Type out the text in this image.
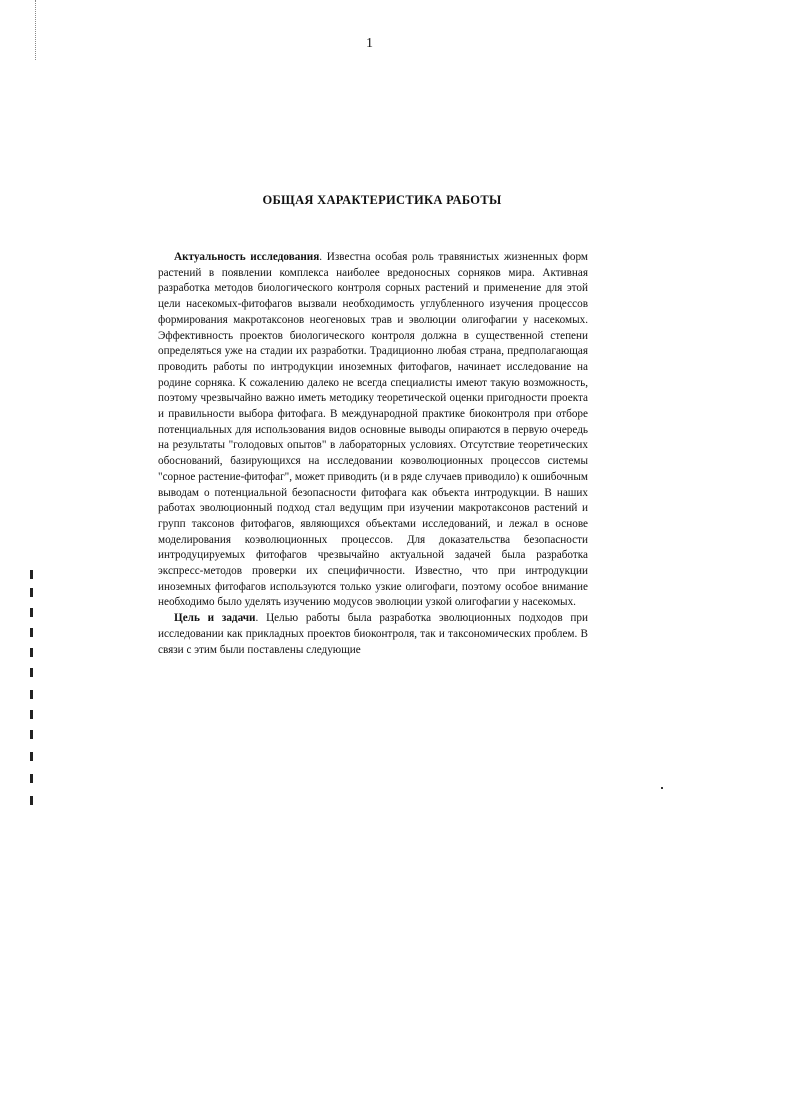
1
ОБЩАЯ ХАРАКТЕРИСТИКА РАБОТЫ

Актуальность исследования. Известна особая роль травянистых жизненных форм растений в появлении комплекса наиболее вредоносных сорняков мира. Активная разработка методов биологического контроля сорных растений и применение для этой цели насекомых-фитофагов вызвали необходимость углубленного изучения процессов формирования макротаксонов неогеновых трав и эволюции олигофагии у насекомых. Эффективность проектов биологического контроля должна в существенной степени определяться уже на стадии их разработки. Традиционно любая страна, предполагающая проводить работы по интродукции иноземных фитофагов, начинает исследование на родине сорняка. К сожалению далеко не всегда специалисты имеют такую возможность, поэтому чрезвычайно важно иметь методику теоретической оценки пригодности проекта и правильности выбора фитофага. В международной практике биоконтроля при отборе потенциальных для использования видов основные выводы опираются в первую очередь на результаты "голодовых опытов" в лабораторных условиях. Отсутствие теоретических обоснований, базирующихся на исследовании коэволюционных процессов системы "сорное растение-фитофаг", может приводить (и в ряде случаев приводило) к ошибочным выводам о потенциальной безопасности фитофага как объекта интродукции. В наших работах эволюционный подход стал ведущим при изучении макротаксонов растений и групп таксонов фитофагов, являющихся объектами исследований, и лежал в основе моделирования коэволюционных процессов. Для доказательства безопасности интродуцируемых фитофагов чрезвычайно актуальной задачей была разработка экспресс-методов проверки их специфичности. Известно, что при интродукции иноземных фитофагов используются только узкие олигофаги, поэтому особое внимание необходимо было уделять изучению модусов эволюции узкой олигофагии у насекомых.

Цель и задачи. Целью работы была разработка эволюционных подходов при исследовании как прикладных проектов биоконтроля, так и таксономических проблем. В связи с этим были поставлены следующие
